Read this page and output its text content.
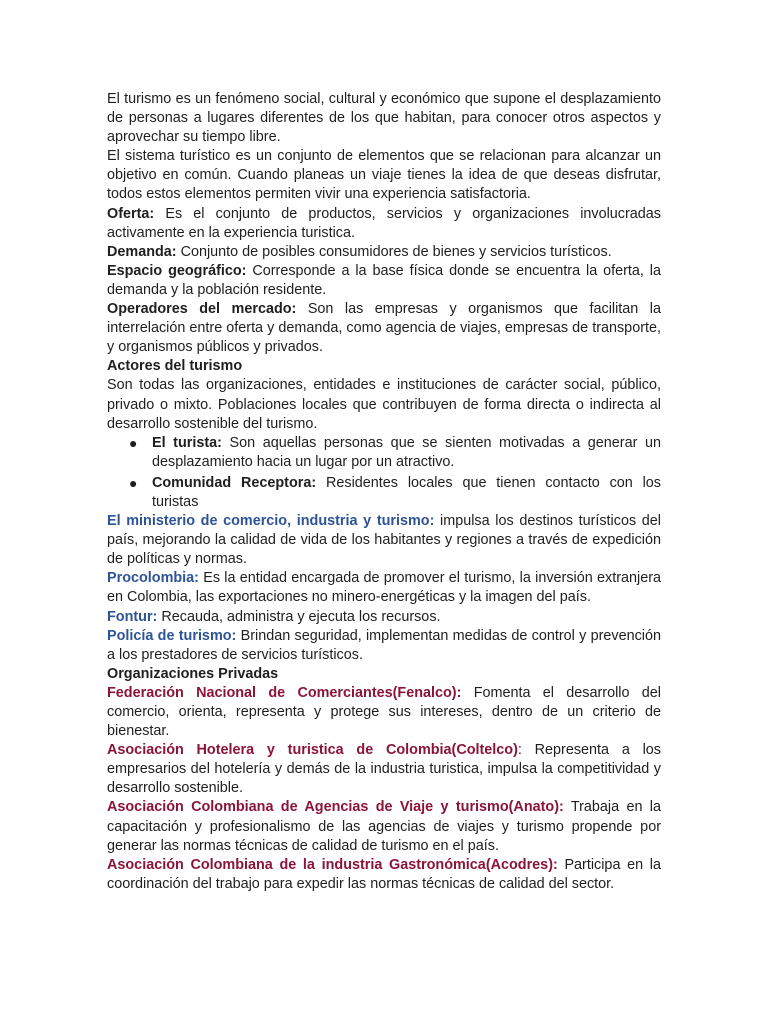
El turismo es un fenómeno social, cultural y económico que supone el desplazamiento de personas a lugares diferentes de los que habitan, para conocer otros aspectos y aprovechar su tiempo libre.

El sistema turístico es un conjunto de elementos que se relacionan para alcanzar un objetivo en común. Cuando planeas un viaje tienes la idea de que deseas disfrutar, todos estos elementos permiten vivir una experiencia satisfactoria.

Oferta: Es el conjunto de productos, servicios y organizaciones involucradas activamente en la experiencia turistica.

Demanda: Conjunto de posibles consumidores de bienes y servicios turísticos.

Espacio geográfico: Corresponde a la base física donde se encuentra la oferta, la demanda y la población residente.

Operadores del mercado: Son las empresas y organismos que facilitan la interrelación entre oferta y demanda, como agencia de viajes, empresas de transporte, y organismos públicos y privados.

Actores del turismo

Son todas las organizaciones, entidades e instituciones de carácter social, público, privado o mixto. Poblaciones locales que contribuyen de forma directa o indirecta al desarrollo sostenible del turismo.

● El turista: Son aquellas personas que se sienten motivadas a generar un desplazamiento hacia un lugar por un atractivo.
● Comunidad Receptora: Residentes locales que tienen contacto con los turistas

El ministerio de comercio, industria y turismo: impulsa los destinos turísticos del país, mejorando la calidad de vida de los habitantes y regiones a través de expedición de políticas y normas.

Procolombia: Es la entidad encargada de promover el turismo, la inversión extranjera en Colombia, las exportaciones no minero-energéticas y la imagen del país.

Fontur: Recauda, administra y ejecuta los recursos.

Policía de turismo: Brindan seguridad, implementan medidas de control y prevención a los prestadores de servicios turísticos.

Organizaciones Privadas

Federación Nacional de Comerciantes(Fenalco): Fomenta el desarrollo del comercio, orienta, representa y protege sus intereses, dentro de un criterio de bienestar.

Asociación Hotelera y turistica de Colombia(Coltelco): Representa a los empresarios del hotelería y demás de la industria turistica, impulsa la competitividad y desarrollo sostenible.

Asociación Colombiana de Agencias de Viaje y turismo(Anato): Trabaja en la capacitación y profesionalismo de las agencias de viajes y turismo propende por generar las normas técnicas de calidad de turismo en el país.

Asociación Colombiana de la industria Gastronómica(Acodres): Participa en la coordinación del trabajo para expedir las normas técnicas de calidad del sector.
